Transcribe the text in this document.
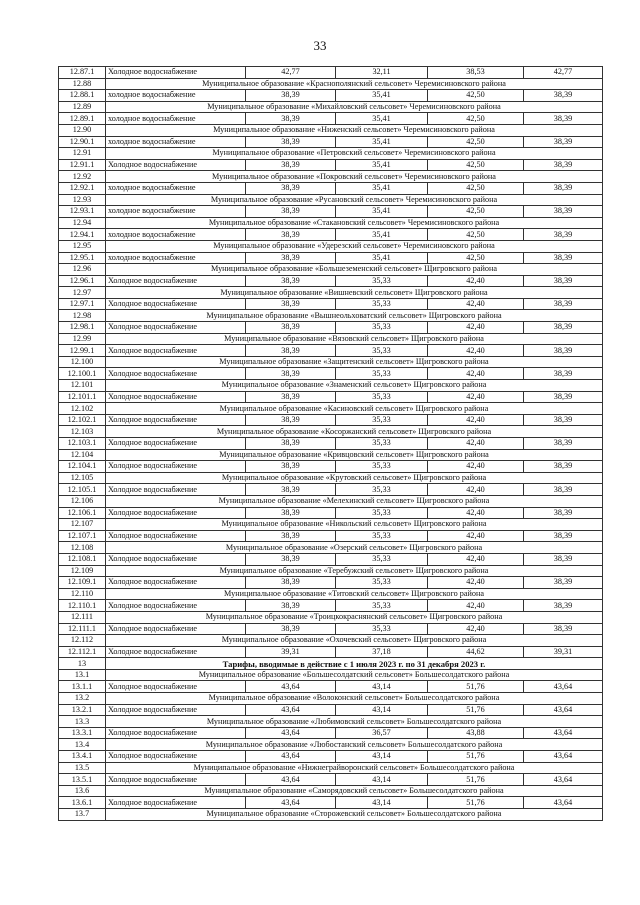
33
12.87.1	Холодное водоснабжение	42,77	32,11	38,53	42,77
12.88	Муниципальное образование «Краснополянский сельсовет» Черемисиновского района				
12.88.1	холодное водоснабжение	38,39	35,41	42,50	38,39
12.89	Муниципальное образование «Михайловский сельсовет» Черемисиновского района				
12.89.1	холодное водоснабжение	38,39	35,41	42,50	38,39
12.90	Муниципальное образование «Ниженский сельсовет» Черемисиновского района				
12.90.1	холодное водоснабжение	38,39	35,41	42,50	38,39
12.91	Муниципальное образование «Петровский сельсовет» Черемисиновского района				
12.91.1	Холодное водоснабжение	38,39	35,41	42,50	38,39
12.92	Муниципальное образование «Покровский сельсовет» Черемисиновского района				
12.92.1	холодное водоснабжение	38,39	35,41	42,50	38,39
12.93	Муниципальное образование «Русановский сельсовет» Черемисиновского района				
12.93.1	холодное водоснабжение	38,39	35,41	42,50	38,39
12.94	Муниципальное образование «Стакановский сельсовет» Черемисиновского района				
12.94.1	холодное водоснабжение	38,39	35,41	42,50	38,39
12.95	Муниципальное образование «Удерезский сельсовет» Черемисиновского района				
12.95.1	холодное водоснабжение	38,39	35,41	42,50	38,39
12.96	Муниципальное образование «Большеземенский сельсовет» Щигровского района				
12.96.1	Холодное водоснабжение	38,39	35,33	42,40	38,39
12.97	Муниципальное образование «Вишневский сельсовет» Щигровского района				
12.97.1	Холодное водоснабжение	38,39	35,33	42,40	38,39
12.98	Муниципальное образование «Вышнеольховатский сельсовет» Щигровского района				
12.98.1	Холодное водоснабжение	38,39	35,33	42,40	38,39
12.99	Муниципальное образование «Вязовский сельсовет» Щигровского района				
12.99.1	Холодное водоснабжение	38,39	35,33	42,40	38,39
12.100	Муниципальное образование «Защитенский сельсовет» Щигровского района				
12.100.1	Холодное водоснабжение	38,39	35,33	42,40	38,39
12.101	Муниципальное образование «Знаменский сельсовет» Щигровского района				
12.101.1	Холодное водоснабжение	38,39	35,33	42,40	38,39
12.102	Муниципальное образование «Касиновский сельсовет» Щигровского района				
12.102.1	Холодное водоснабжение	38,39	35,33	42,40	38,39
12.103	Муниципальное образование «Косоржанский сельсовет» Щигровского района				
12.103.1	Холодное водоснабжение	38,39	35,33	42,40	38,39
12.104	Муниципальное образование «Кривцовский сельсовет» Щигровского района				
12.104.1	Холодное водоснабжение	38,39	35,33	42,40	38,39
12.105	Муниципальное образование «Крутовский сельсовет» Щигровского района				
12.105.1	Холодное водоснабжение	38,39	35,33	42,40	38,39
12.106	Муниципальное образование «Мелехинский сельсовет» Щигровского района				
12.106.1	Холодное водоснабжение	38,39	35,33	42,40	38,39
12.107	Муниципальное образование «Никольский сельсовет» Щигровского района				
12.107.1	Холодное водоснабжение	38,39	35,33	42,40	38,39
12.108	Муниципальное образование «Озерский сельсовет» Щигровского района				
12.108.1	Холодное водоснабжение	38,39	35,33	42,40	38,39
12.109	Муниципальное образование «Теребужский сельсовет» Щигровского района				
12.109.1	Холодное водоснабжение	38,39	35,33	42,40	38,39
12.110	Муниципальное образование «Титовский сельсовет» Щигровского района				
12.110.1	Холодное водоснабжение	38,39	35,33	42,40	38,39
12.111	Муниципальное образование «Троицкокраснянский сельсовет» Щигровского района				
12.111.1	Холодное водоснабжение	38,39	35,33	42,40	38,39
12.112	Муниципальное образование «Охочевский сельсовет» Щигровского района				
12.112.1	Холодное водоснабжение	39,31	37,18	44,62	39,31
13	Тарифы, вводимые в действие с 1 июля 2023 г. по 31 декабря 2023 г.				
13.1	Муниципальное образование «Большесолдатский сельсовет» Большесолдатского района				
13.1.1	Холодное водоснабжение	43,64	43,14	51,76	43,64
13.2	Муниципальное образование «Волоконский сельсовет» Большесолдатского района				
13.2.1	Холодное водоснабжение	43,64	43,14	51,76	43,64
13.3	Муниципальное образование «Любимовский сельсовет» Большесолдатского района				
13.3.1	Холодное водоснабжение	43,64	36,57	43,88	43,64
13.4	Муниципальное образование «Любостанский сельсовет» Большесолдатского района				
13.4.1	Холодное водоснабжение	43,64	43,14	51,76	43,64
13.5	Муниципальное образование «Нижнеграйворонский сельсовет» Большесолдатского района				
13.5.1	Холодное водоснабжение	43,64	43,14	51,76	43,64
13.6	Муниципальное образование «Саморядовский сельсовет» Большесолдатского района				
13.6.1	Холодное водоснабжение	43,64	43,14	51,76	43,64
13.7	Муниципальное образование «Сторожевский сельсовет» Большесолдатского района				
